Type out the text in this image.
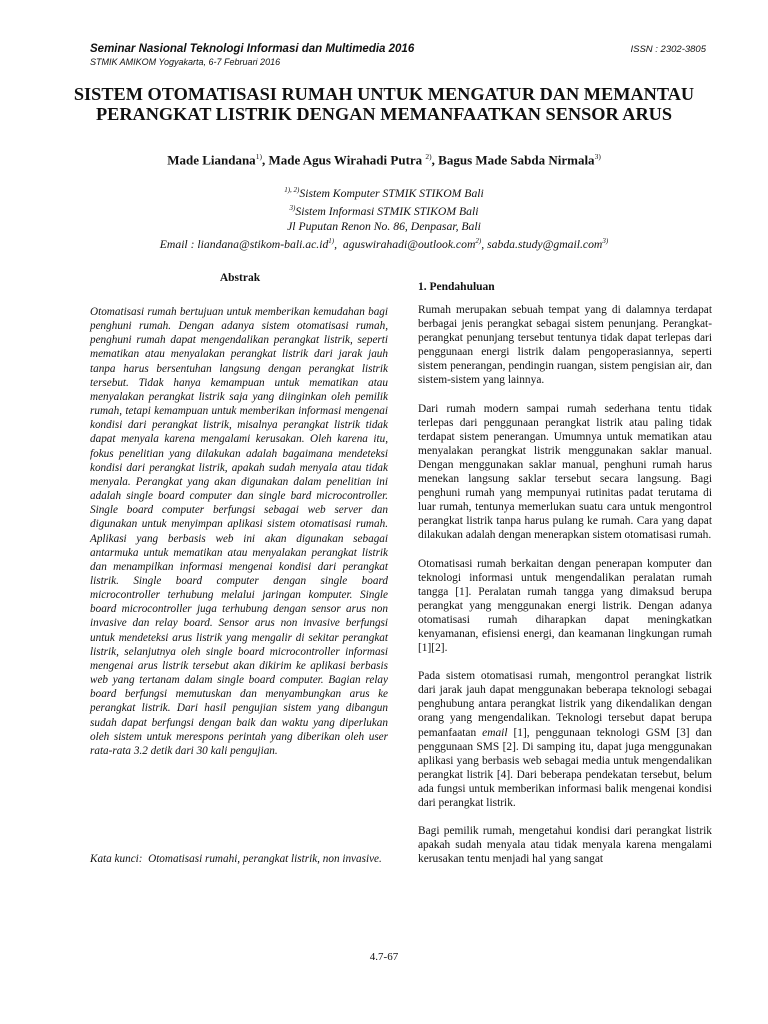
Seminar Nasional Teknologi Informasi dan Multimedia 2016
STMIK AMIKOM Yogyakarta, 6-7 Februari 2016
ISSN : 2302-3805
SISTEM OTOMATISASI RUMAH UNTUK MENGATUR DAN MEMANTAU PERANGKAT LISTRIK DENGAN MEMANFAATKAN SENSOR ARUS
Made Liandana$^{1)}$, Made Agus Wirahadi Putra $^{2)}$, Bagus Made Sabda Nirmala$^{3)}$
$^{1), 2)}$Sistem Komputer STMIK STIKOM Bali
$^{3)}$Sistem Informasi STMIK STIKOM Bali
Jl Puputan Renon No. 86, Denpasar, Bali
Email : $liandana@stikom-bali.ac.id^{1)}$,  aguswirahadi@outlook.com$^{2)}$, sabda.study@gmail.com$^{3)}$
Abstrak
Otomatisasi rumah bertujuan untuk memberikan kemudahan bagi penghuni rumah. Dengan adanya sistem otomatisasi rumah, penghuni rumah dapat mengendalikan perangkat listrik, seperti mematikan atau menyalakan perangkat listrik dari jarak jauh tanpa harus bersentuhan langsung dengan perangkat listrik tersebut. Tidak hanya kemampuan untuk mematikan atau menyalakan perangkat listrik saja yang diinginkan oleh pemilik rumah, tetapi kemampuan untuk memberikan informasi mengenai kondisi dari perangkat listrik, misalnya perangkat listrik tidak dapat menyala karena mengalami kerusakan. Oleh karena itu, fokus penelitian yang dilakukan adalah bagaimana mendeteksi kondisi dari perangkat listrik, apakah sudah menyala atau tidak menyala. Perangkat yang akan digunakan dalam penelitian ini adalah single board computer dan single bard microcontroller. Single board computer berfungsi sebagai web server dan digunakan untuk menyimpan aplikasi sistem otomatisasi rumah. Aplikasi yang berbasis web ini akan digunakan sebagai antarmuka untuk mematikan atau menyalakan perangkat listrik dan menampilkan informasi mengenai kondisi dari perangkat listrik. Single board computer dengan single board microcontroller terhubung melalui jaringan komputer. Single board microcontroller juga terhubung dengan sensor arus non invasive dan relay board. Sensor arus non invasive berfungsi untuk mendeteksi arus listrik yang mengalir di sekitar perangkat listrik, selanjutnya oleh single board microcontroller informasi mengenai arus listrik tersebut akan dikirim ke aplikasi berbasis web yang tertanam dalam single board computer. Bagian relay board berfungsi memutuskan dan menyambungkan arus ke perangkat listrik. Dari hasil pengujian sistem yang dibangun sudah dapat berfungsi dengan baik dan waktu yang diperlukan oleh sistem untuk merespons perintah yang diberikan oleh user rata-rata 3.2 detik dari 30 kali pengujian.
Kata kunci: Otomatisasi rumahi, perangkat listrik, non invasive.
1. Pendahuluan

Rumah merupakan sebuah tempat yang di dalamnya terdapat berbagai jenis perangkat sebagai sistem penunjang. Perangkat-perangkat penunjang tersebut tentunya tidak dapat terlepas dari penggunaan energi listrik dalam pengoperasiannya, seperti sistem penerangan, pendingin ruangan, sistem pengisian air, dan sistem-sistem yang lainnya.

Dari rumah modern sampai rumah sederhana tentu tidak terlepas dari penggunaan perangkat listrik atau paling tidak terdapat sistem penerangan. Umumnya untuk mematikan atau menyalakan perangkat listrik menggunakan saklar manual. Dengan menggunakan saklar manual, penghuni rumah harus menekan langsung saklar tersebut secara langsung. Bagi penghuni rumah yang mempunyai rutinitas padat terutama di luar rumah, tentunya memerlukan suatu cara untuk mengontrol perangkat listrik tanpa harus pulang ke rumah. Cara yang dapat dilakukan adalah dengan menerapkan sistem otomatisasi rumah.

Otomatisasi rumah berkaitan dengan penerapan komputer dan teknologi informasi untuk mengendalikan peralatan rumah tangga [1]. Peralatan rumah tangga yang dimaksud berupa perangkat yang menggunakan energi listrik. Dengan adanya otomatisasi rumah diharapkan dapat meningkatkan kenyamanan, efisiensi energi, dan keamanan lingkungan rumah [1][2].

Pada sistem otomatisasi rumah, mengontrol perangkat listrik dari jarak jauh dapat menggunakan beberapa teknologi sebagai penghubung antara perangkat listrik yang dikendalikan dengan orang yang mengendalikan. Teknologi tersebut dapat berupa pemanfaatan email [1], penggunaan teknologi GSM [3] dan penggunaan SMS [2]. Di samping itu, dapat juga menggunakan aplikasi yang berbasis web sebagai media untuk mengendalikan perangkat listrik [4]. Dari beberapa pendekatan tersebut, belum ada fungsi untuk memberikan informasi balik mengenai kondisi dari perangkat listrik.

Bagi pemilik rumah, mengetahui kondisi dari perangkat listrik apakah sudah menyala atau tidak menyala karena mengalami kerusakan tentu menjadi hal yang sangat

4.7-67
